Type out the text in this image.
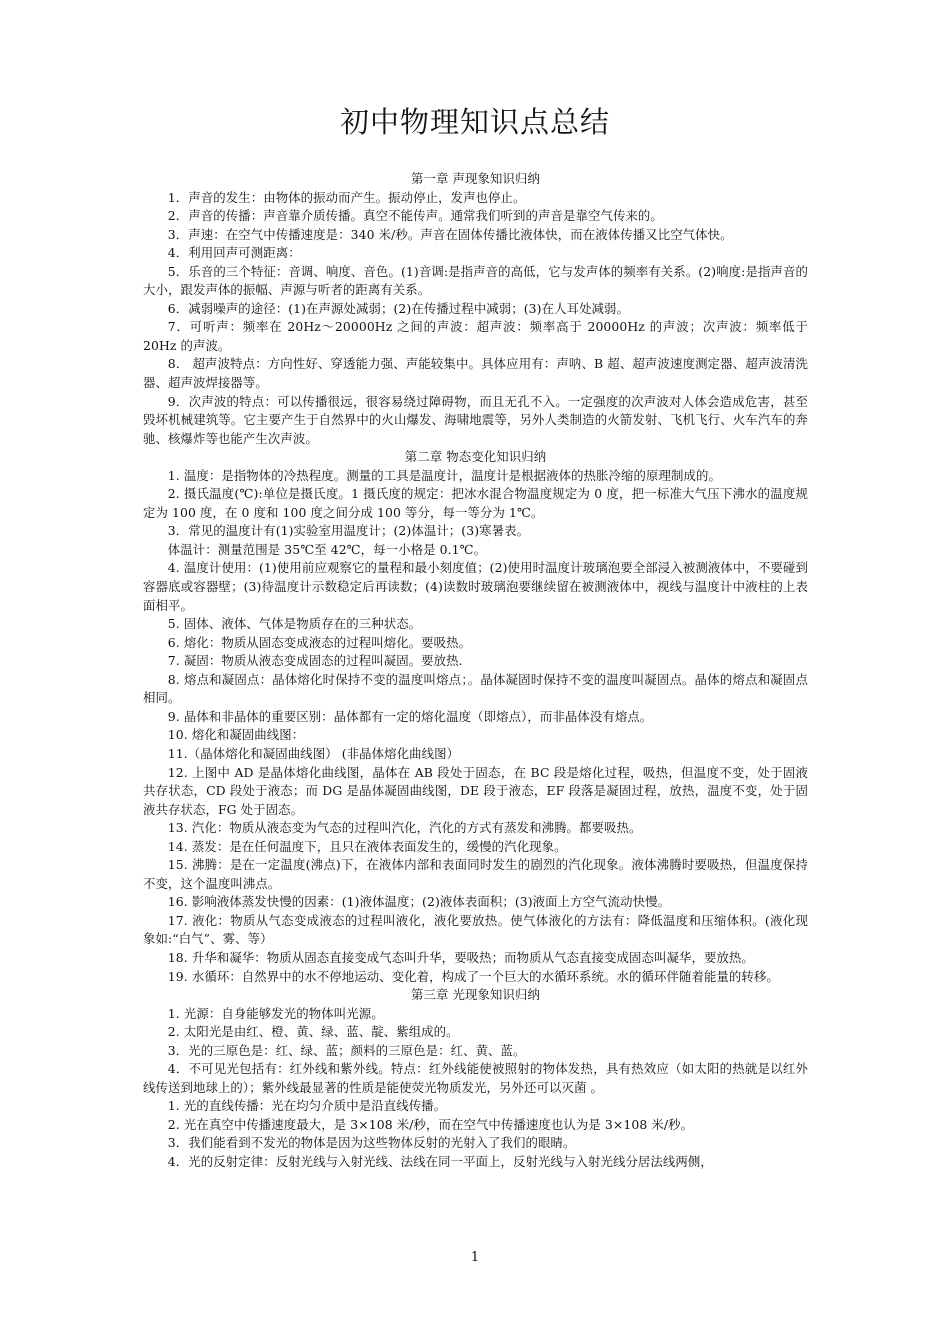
初中物理知识点总结

第一章 声现象知识归纳

1．声音的发生：由物体的振动而产生。振动停止，发声也停止。

2．声音的传播：声音靠介质传播。真空不能传声。通常我们听到的声音是靠空气传来的。

3．声速：在空气中传播速度是：340 米/秒。声音在固体传播比液体快，而在液体传播又比空气体快。

4．利用回声可测距离：

5．乐音的三个特征：音调、响度、音色。(1)音调:是指声音的高低，它与发声体的频率有关系。(2)响度:是指声音的大小，跟发声体的振幅、声源与听者的距离有关系。

6．减弱噪声的途径：(1)在声源处减弱；(2)在传播过程中减弱；(3)在人耳处减弱。

7．可听声：频率在 20Hz～20000Hz 之间的声波：超声波：频率高于 20000Hz 的声波；次声波：频率低于 20Hz 的声波。

8． 超声波特点：方向性好、穿透能力强、声能较集中。具体应用有：声呐、B 超、超声波速度测定器、超声波清洗器、超声波焊接器等。

9．次声波的特点：可以传播很远，很容易绕过障碍物，而且无孔不入。一定强度的次声波对人体会造成危害，甚至毁坏机械建筑等。它主要产生于自然界中的火山爆发、海啸地震等，另外人类制造的火箭发射、飞机飞行、火车汽车的奔驰、核爆炸等也能产生次声波。

第二章 物态变化知识归纳

1. 温度：是指物体的冷热程度。测量的工具是温度计，温度计是根据液体的热胀冷缩的原理制成的。

2. 摄氏温度(℃):单位是摄氏度。1 摄氏度的规定：把冰水混合物温度规定为 0 度，把一标准大气压下沸水的温度规定为 100 度，在 0 度和 100 度之间分成 100 等分，每一等分为 1℃。

3．常见的温度计有(1)实验室用温度计；(2)体温计；(3)寒暑表。

体温计：测量范围是 35℃至 42℃，每一小格是 0.1℃。

4. 温度计使用：(1)使用前应观察它的量程和最小刻度值；(2)使用时温度计玻璃泡要全部浸入被测液体中，不要碰到容器底或容器壁；(3)待温度计示数稳定后再读数；(4)读数时玻璃泡要继续留在被测液体中，视线与温度计中液柱的上表面相平。

5. 固体、液体、气体是物质存在的三种状态。

6. 熔化：物质从固态变成液态的过程叫熔化。要吸热。

7. 凝固：物质从液态变成固态的过程叫凝固。要放热.

8. 熔点和凝固点：晶体熔化时保持不变的温度叫熔点；。晶体凝固时保持不变的温度叫凝固点。晶体的熔点和凝固点相同。

9. 晶体和非晶体的重要区别：晶体都有一定的熔化温度（即熔点），而非晶体没有熔点。

10. 熔化和凝固曲线图：

11.（晶体熔化和凝固曲线图） (非晶体熔化曲线图）

12. 上图中 AD 是晶体熔化曲线图，晶体在 AB 段处于固态，在 BC 段是熔化过程，吸热，但温度不变，处于固液共存状态，CD 段处于液态；而 DG 是晶体凝固曲线图，DE 段于液态，EF 段落是凝固过程，放热，温度不变，处于固液共存状态，FG 处于固态。

13. 汽化：物质从液态变为气态的过程叫汽化，汽化的方式有蒸发和沸腾。都要吸热。

14. 蒸发：是在任何温度下，且只在液体表面发生的，缓慢的汽化现象。

15. 沸腾：是在一定温度(沸点)下，在液体内部和表面同时发生的剧烈的汽化现象。液体沸腾时要吸热，但温度保持不变，这个温度叫沸点。

16. 影响液体蒸发快慢的因素：(1)液体温度；(2)液体表面积；(3)液面上方空气流动快慢。

17. 液化：物质从气态变成液态的过程叫液化，液化要放热。使气体液化的方法有：降低温度和压缩体积。(液化现象如:“白气”、雾、等）

18. 升华和凝华：物质从固态直接变成气态叫升华，要吸热；而物质从气态直接变成固态叫凝华，要放热。

19. 水循环：自然界中的水不停地运动、变化着，构成了一个巨大的水循环系统。水的循环伴随着能量的转移。

第三章 光现象知识归纳

1. 光源：自身能够发光的物体叫光源。

2. 太阳光是由红、橙、黄、绿、蓝、靛、紫组成的。

3．光的三原色是：红、绿、蓝；颜料的三原色是：红、黄、蓝。

4．不可见光包括有：红外线和紫外线。特点：红外线能使被照射的物体发热，具有热效应（如太阳的热就是以红外线传送到地球上的）；紫外线最显著的性质是能使荧光物质发光，另外还可以灭菌 。

1. 光的直线传播：光在均匀介质中是沿直线传播。

2. 光在真空中传播速度最大，是 3×108 米/秒，而在空气中传播速度也认为是 3×108 米/秒。

3．我们能看到不发光的物体是因为这些物体反射的光射入了我们的眼睛。

4．光的反射定律：反射光线与入射光线、法线在同一平面上，反射光线与入射光线分居法线两侧，

1
